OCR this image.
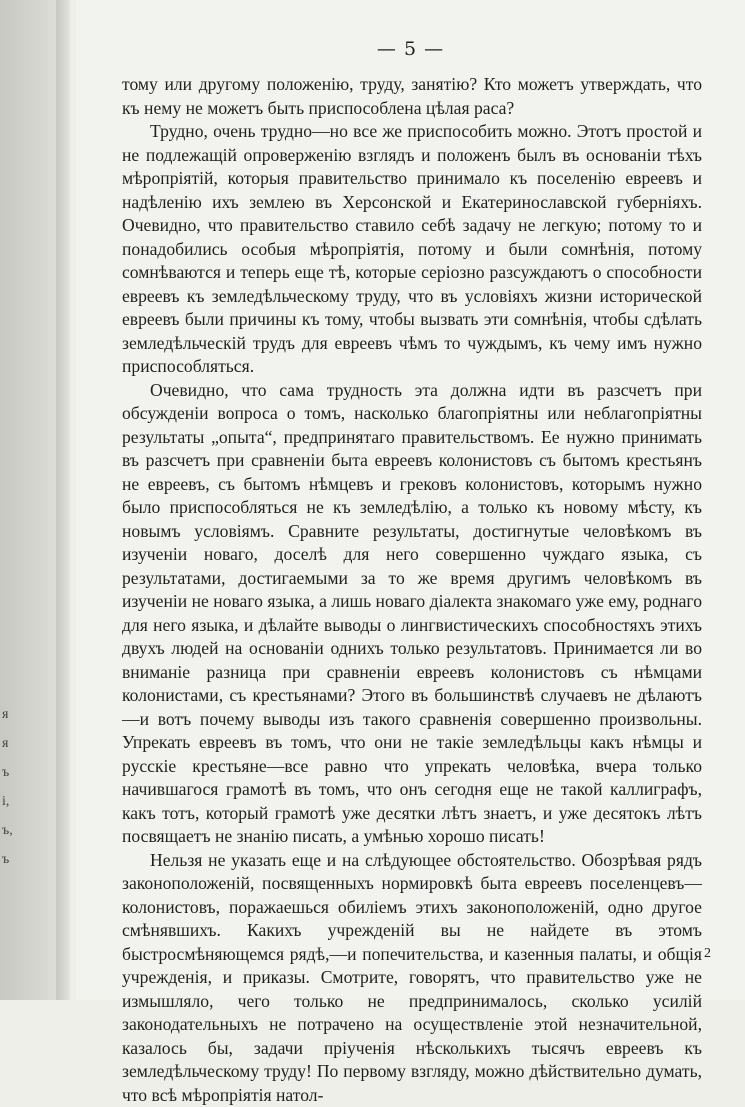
я
я
ъ
і,
ъ,
ъ
— 5 —

тому или другому положенію, труду, занятію? Кто можетъ утверждать, что къ нему не можетъ быть приспособлена цѣлая раса?

Трудно, очень трудно—но все же приспособить можно. Этотъ простой и не подлежащій опроверженію взглядъ и положенъ былъ въ основаніи тѣхъ мѣропріятій, которыя правительство принимало къ поселенію евреевъ и надѣленію ихъ землею въ Херсонской и Екатеринославской губерніяхъ. Очевидно, что правительство ставило себѣ задачу не легкую; потому то и понадобились особыя мѣропріятія, потому и были сомнѣнія, потому сомнѣваются и теперь еще тѣ, которые серіозно разсуждаютъ о способности евреевъ къ земледѣльческому труду, что въ условіяхъ жизни исторической евреевъ были причины къ тому, чтобы вызвать эти сомнѣнія, чтобы сдѣлать земледѣльческій трудъ для евреевъ чѣмъ то чуждымъ, къ чему имъ нужно приспособляться.

Очевидно, что сама трудность эта должна идти въ разсчетъ при обсужденіи вопроса о томъ, насколько благопріятны или неблагопріятны результаты „опыта“, предпринятаго правительствомъ. Ее нужно принимать въ разсчетъ при сравненіи быта евреевъ колонистовъ съ бытомъ крестьянъ не евреевъ, съ бытомъ нѣмцевъ и грековъ колонистовъ, которымъ нужно было приспособляться не къ земледѣлію, а только къ новому мѣсту, къ новымъ условіямъ. Сравните результаты, достигнутые человѣкомъ въ изученіи новаго, доселѣ для него совершенно чуждаго языка, съ результатами, достигаемыми за то же время другимъ человѣкомъ въ изученіи не новаго языка, а лишь новаго діалекта знакомаго уже ему, роднаго для него языка, и дѣлайте выводы о лингвистическихъ способностяхъ этихъ двухъ людей на основаніи однихъ только результатовъ. Принимается ли во вниманіе разница при сравненіи евреевъ колонистовъ съ нѣмцами колонистами, съ крестьянами? Этого въ большинствѣ случаевъ не дѣлаютъ—и вотъ почему выводы изъ такого сравненія совершенно произвольны. Упрекать евреевъ въ томъ, что они не такіе земледѣльцы какъ нѣмцы и русскіе крестьяне—все равно что упрекать человѣка, вчера только начившагося грамотѣ въ томъ, что онъ сегодня еще не такой каллиграфъ, какъ тотъ, который грамотѣ уже десятки лѣтъ знаетъ, и уже десятокъ лѣтъ посвящаетъ не знанію писать, а умѣнью хорошо писать!

Нельзя не указать еще и на слѣдующее обстоятельство. Обозрѣвая рядъ законоположеній, посвященныхъ нормировкѣ быта евреевъ поселенцевъ—колонистовъ, поражаешься обиліемъ этихъ законоположеній, одно другое смѣнявшихъ. Какихъ учрежденій вы не найдете въ этомъ быстросмѣняющемся рядѣ,—и попечительства, и казенныя палаты, и общія учрежденія, и приказы. Смотрите, говорятъ, что правительство уже не измышляло, чего только не предпринималось, сколько усилій законодательныхъ не потрачено на осуществленіе этой незначительной, казалось бы, задачи пріученія нѣсколькихъ тысячъ евреевъ къ земледѣльческому труду! По первому взгляду, можно дѣйствительно думать, что всѣ мѣропріятія натол-

2
